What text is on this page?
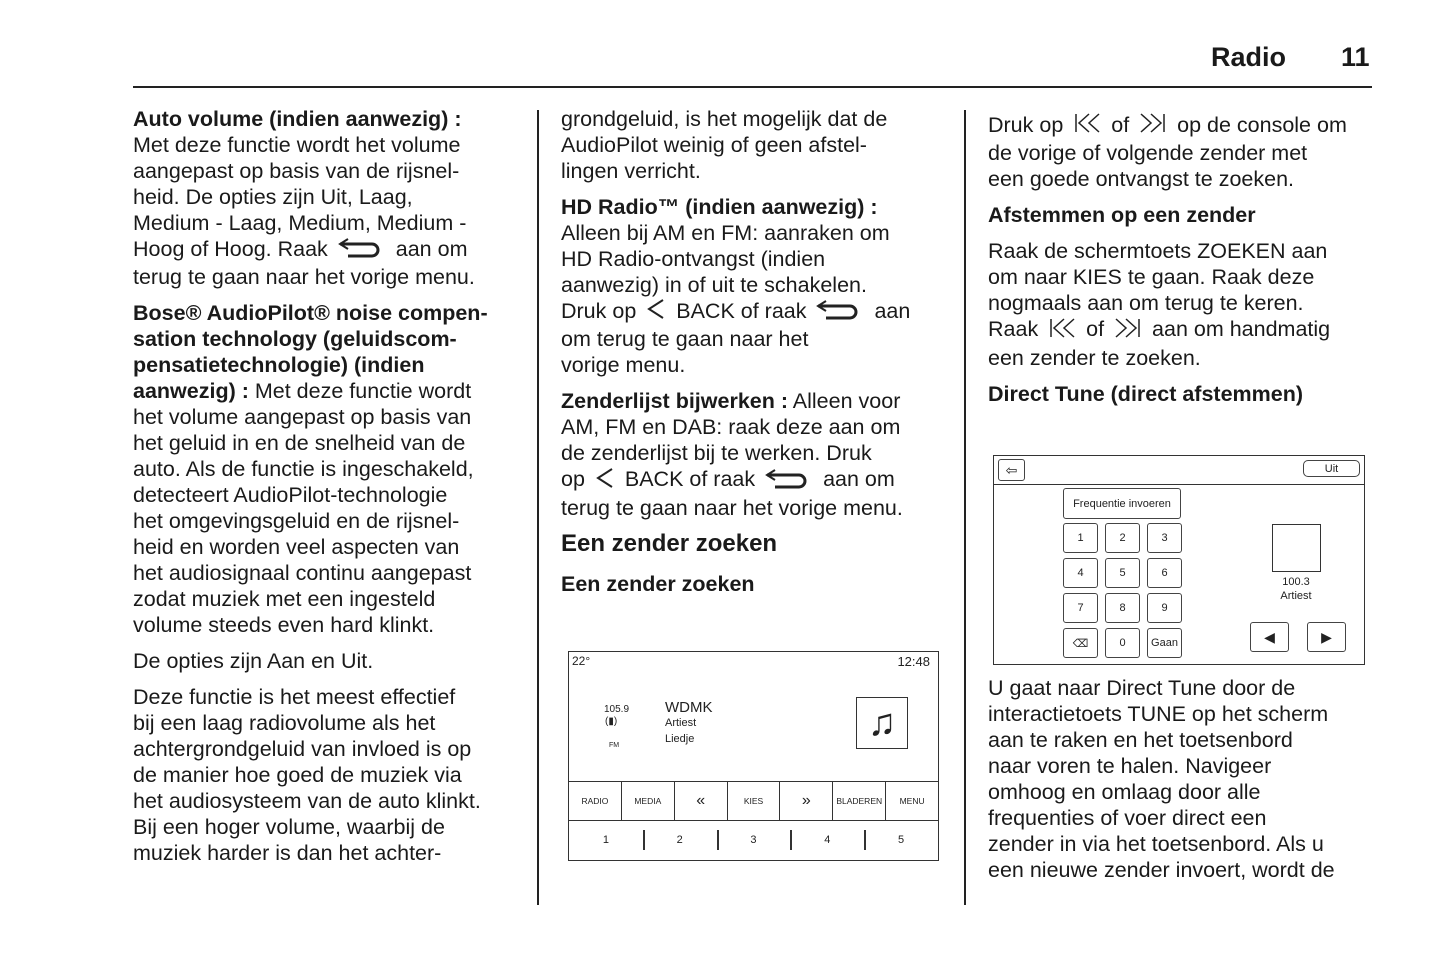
Radio 11

Auto volume (indien aanwezig) :
Met deze functie wordt het volume
aangepast op basis van de rijsnel-
heid. De opties zijn Uit, Laag,
Medium - Laag, Medium, Medium -
Hoog of Hoog. Raak	aan om
terug te gaan naar het vorige menu.

Bose® AudioPilot® noise compen-
sation technology (geluidscom-
pensatietechnologie) (indien
aanwezig) : Met deze functie wordt
het volume aangepast op basis van
het geluid in en de snelheid van de
auto. Als de functie is ingeschakeld,
detecteert AudioPilot-technologie
het omgevingsgeluid en de rijsnel-
heid en worden veel aspecten van
het audiosignaal continu aangepast
zodat muziek met een ingesteld
volume steeds even hard klinkt.

De opties zijn Aan en Uit.

Deze functie is het meest effectief
bij een laag radiovolume als het
achtergrondgeluid van invloed is op
de manier hoe goed de muziek via
het audiosysteem van de auto klinkt.
Bij een hoger volume, waarbij de
muziek harder is dan het achter-

grondgeluid, is het mogelijk dat de
AudioPilot weinig of geen afstel-
lingen verricht.

HD Radio™ (indien aanwezig) :
Alleen bij AM en FM: aanraken om
HD Radio-ontvangst (indien
aanwezig) in of uit te schakelen.
Druk op  BACK of raak	aan
om terug te gaan naar het
vorige menu.

Zenderlijst bijwerken : Alleen voor
AM, FM en DAB: raak deze aan om
de zenderlijst bij te werken. Druk
op  BACK of raak	aan om
terug te gaan naar het vorige menu.

Een zender zoeken
Een zender zoeken
22°	12:48
105.9
(▮)
FM
WDMK
Artiest
Liedje	♫
RADIO	MEDIA	«	KIES	»	BLADEREN	MENU
1	2	3	4	5

Druk op  of  op de console om
de vorige of volgende zender met
een goede ontvangst te zoeken.

Afstemmen op een zender

Raak de schermtoets ZOEKEN aan
om naar KIES te gaan. Raak deze
nogmaals aan om terug te keren.
Raak  of  aan om handmatig
een zender te zoeken.

Direct Tune (direct afstemmen)

⇦	Uit
Frequentie invoeren
1	2	3
4	5	6
7	8	9
⌫	0	Gaan
100.3
Artiest
◀	▶

U gaat naar Direct Tune door de
interactietoets TUNE op het scherm
aan te raken en het toetsenbord
naar voren te halen. Navigeer
omhoog en omlaag door alle
frequenties of voer direct een
zender in via het toetsenbord. Als u
een nieuwe zender invoert, wordt de
